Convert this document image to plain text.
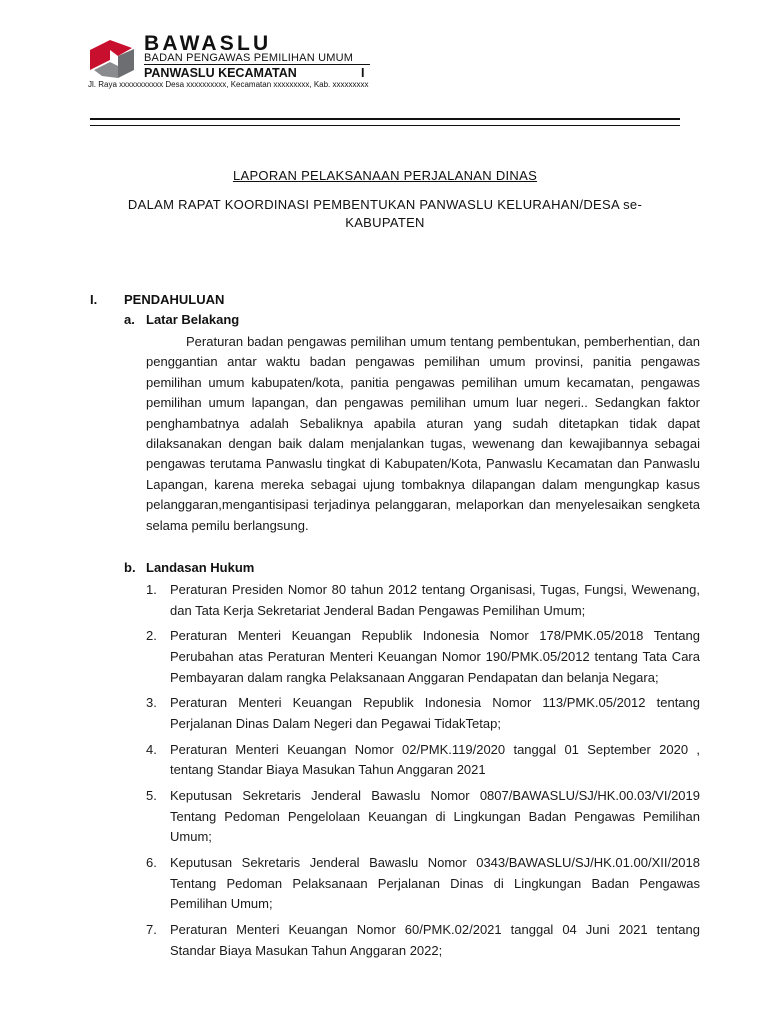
BAWASLU
BADAN PENGAWAS PEMILIHAN UMUM
PANWASLU KECAMATAN	I
Jl. Raya xxxxxxxxxxx Desa xxxxxxxxxx, Kecamatan xxxxxxxxx, Kab. xxxxxxxxx
LAPORAN PELAKSANAAN PERJALANAN DINAS
DALAM RAPAT KOORDINASI PEMBENTUKAN PANWASLU KELURAHAN/DESA se-
KABUPATEN
I. PENDAHULUAN
a. Latar Belakang
Peraturan badan pengawas pemilihan umum tentang pembentukan, pemberhentian, dan penggantian antar waktu badan pengawas pemilihan umum provinsi, panitia pengawas pemilihan umum kabupaten/kota, panitia pengawas pemilihan umum kecamatan, pengawas pemilihan umum lapangan, dan pengawas pemilihan umum luar negeri.. Sedangkan faktor penghambatnya adalah Sebaliknya apabila aturan yang sudah ditetapkan tidak dapat dilaksanakan dengan baik dalam menjalankan tugas, wewenang dan kewajibannya sebagai pengawas terutama Panwaslu tingkat di Kabupaten/Kota, Panwaslu Kecamatan dan Panwaslu Lapangan, karena mereka sebagai ujung tombaknya dilapangan dalam mengungkap kasus pelanggaran,mengantisipasi terjadinya pelanggaran, melaporkan dan menyelesaikan sengketa selama pemilu berlangsung.
b. Landasan Hukum
1.	Peraturan Presiden Nomor 80 tahun 2012 tentang Organisasi, Tugas, Fungsi, Wewenang, dan Tata Kerja Sekretariat Jenderal Badan Pengawas Pemilihan Umum;
2.	Peraturan Menteri Keuangan Republik Indonesia Nomor 178/PMK.05/2018 Tentang Perubahan atas Peraturan Menteri Keuangan Nomor 190/PMK.05/2012 tentang Tata Cara Pembayaran dalam rangka Pelaksanaan Anggaran Pendapatan dan belanja Negara;
3.	Peraturan Menteri Keuangan Republik Indonesia Nomor 113/PMK.05/2012 tentang Perjalanan Dinas Dalam Negeri dan Pegawai TidakTetap;
4.	Peraturan Menteri Keuangan Nomor 02/PMK.119/2020 tanggal 01 September 2020 , tentang Standar Biaya Masukan Tahun Anggaran 2021
5.	Keputusan Sekretaris Jenderal Bawaslu Nomor 0807/BAWASLU/SJ/HK.00.03/VI/2019 Tentang Pedoman Pengelolaan Keuangan di Lingkungan Badan Pengawas Pemilihan Umum;
6.	Keputusan Sekretaris Jenderal Bawaslu Nomor 0343/BAWASLU/SJ/HK.01.00/XII/2018 Tentang Pedoman Pelaksanaan Perjalanan Dinas di Lingkungan Badan Pengawas Pemilihan Umum;
7.	Peraturan Menteri Keuangan Nomor 60/PMK.02/2021 tanggal 04 Juni 2021 tentang Standar Biaya Masukan Tahun Anggaran 2022;
